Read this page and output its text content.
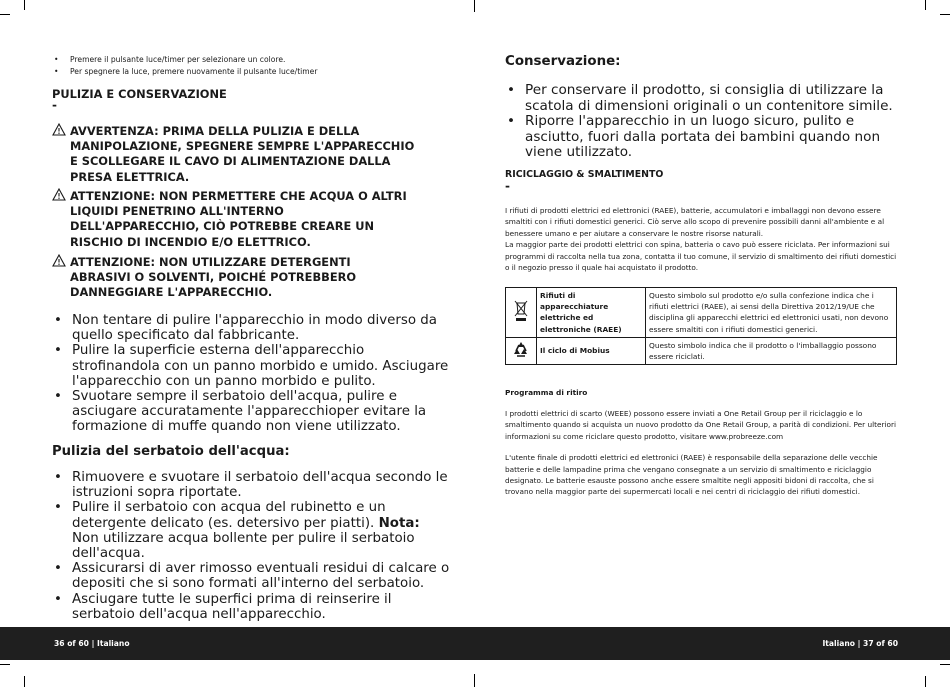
• Premere il pulsante luce/timer per selezionare un colore.
• Per spegnere la luce, premere nuovamente il pulsante luce/timer
PULIZIA E CONSERVAZIONE
-
AVVERTENZA: PRIMA DELLA PULIZIA E DELLA MANIPOLAZIONE, SPEGNERE SEMPRE L'APPARECCHIO E SCOLLEGARE IL CAVO DI ALIMENTAZIONE DALLA PRESA ELETTRICA.
ATTENZIONE: NON PERMETTERE CHE ACQUA O ALTRI LIQUIDI PENETRINO ALL'INTERNO DELL'APPARECCHIO, CIÒ POTREBBE CREARE UN RISCHIO DI INCENDIO E/O ELETTRICO.
ATTENZIONE: NON UTILIZZARE DETERGENTI ABRASIVI O SOLVENTI, POICHÉ POTREBBERO DANNEGGIARE L'APPARECCHIO.
• Non tentare di pulire l'apparecchio in modo diverso da quello specificato dal fabbricante.
• Pulire la superficie esterna dell'apparecchio strofinandola con un panno morbido e umido. Asciugare l'apparecchio con un panno morbido e pulito.
• Svuotare sempre il serbatoio dell'acqua, pulire e asciugare accuratamente l'apparecchioper evitare la formazione di muffe quando non viene utilizzato.
Pulizia del serbatoio dell'acqua:
• Rimuovere e svuotare il serbatoio dell'acqua secondo le istruzioni sopra riportate.
• Pulire il serbatoio con acqua del rubinetto e un detergente delicato (es. detersivo per piatti). Nota: Non utilizzare acqua bollente per pulire il serbatoio dell'acqua.
• Assicurarsi di aver rimosso eventuali residui di calcare o depositi che si sono formati all'interno del serbatoio.
• Asciugare tutte le superfici prima di reinserire il serbatoio dell'acqua nell'apparecchio.
Conservazione:
• Per conservare il prodotto, si consiglia di utilizzare la scatola di dimensioni originali o un contenitore simile.
• Riporre l'apparecchio in un luogo sicuro, pulito e asciutto, fuori dalla portata dei bambini quando non viene utilizzato.
RICICLAGGIO & SMALTIMENTO
-

I rifiuti di prodotti elettrici ed elettronici (RAEE), batterie, accumulatori e imballaggi non devono essere smaltiti con i rifiuti domestici generici. Ciò serve allo scopo di prevenire possibili danni all'ambiente e al benessere umano e per aiutare a conservare le nostre risorse naturali.

La maggior parte dei prodotti elettrici con spina, batteria o cavo può essere riciclata. Per informazioni sui programmi di raccolta nella tua zona, contatta il tuo comune, il servizio di smaltimento dei rifiuti domestici o il negozio presso il quale hai acquistato il prodotto.

	Rifiuti di apparecchiature elettriche ed elettroniche (RAEE)	Questo simbolo sul prodotto e/o sulla confezione indica che i rifiuti elettrici (RAEE), ai sensi della Direttiva 2012/19/UE che disciplina gli apparecchi elettrici ed elettronici usati, non devono essere smaltiti con i rifiuti domestici generici.
	Il ciclo di Mobius	Questo simbolo indica che il prodotto o l'imballaggio possono essere riciclati.
Programma di ritiro

I prodotti elettrici di scarto (WEEE) possono essere inviati a One Retail Group per il riciclaggio e lo smaltimento quando si acquista un nuovo prodotto da One Retail Group, a parità di condizioni. Per ulteriori informazioni su come riciclare questo prodotto, visitare www.probreeze.com

L'utente finale di prodotti elettrici ed elettronici (RAEE) è responsabile della separazione delle vecchie batterie e delle lampadine prima che vengano consegnate a un servizio di smaltimento e riciclaggio designato. Le batterie esauste possono anche essere smaltite negli appositi bidoni di raccolta, che si trovano nella maggior parte dei supermercati locali e nei centri di riciclaggio dei rifiuti domestici.

36 of 60 | Italiano	Italiano | 37 of 60
